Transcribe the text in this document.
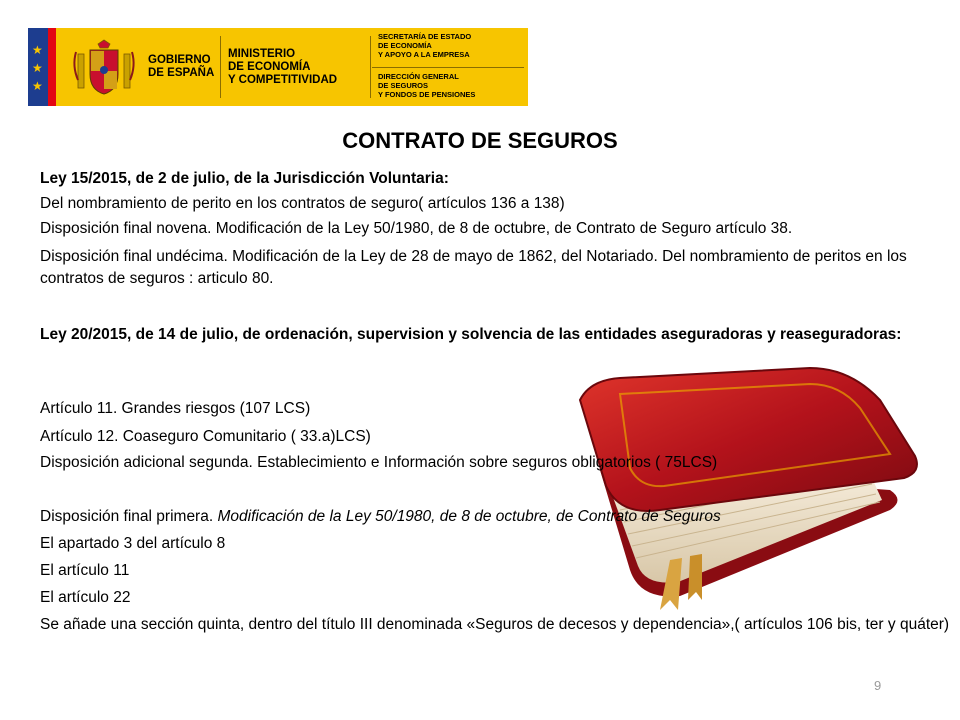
★
★
★
GOBIERNO
DE ESPAÑA
MINISTERIO
DE ECONOMÍA
Y COMPETITIVIDAD
SECRETARÍA DE ESTADO
DE ECONOMÍA
Y APOYO A LA EMPRESA
DIRECCIÓN GENERAL
DE SEGUROS
Y FONDOS DE PENSIONES
CONTRATO DE SEGUROS
Ley 15/2015, de 2 de julio, de la Jurisdicción Voluntaria:
Del nombramiento de perito en los contratos de seguro( artículos 136 a 138)
Disposición final novena. Modificación de la Ley 50/1980, de 8 de octubre, de Contrato de Seguro artículo 38.
Disposición final undécima. Modificación de la Ley de 28 de mayo de 1862, del Notariado. Del nombramiento de peritos en los contratos de seguros : articulo 80.
Ley 20/2015, de 14 de julio, de ordenación, supervision y solvencia de las entidades aseguradoras y reaseguradoras:
Artículo 11. Grandes riesgos (107 LCS)
Artículo 12. Coaseguro Comunitario ( 33.a)LCS)
Disposición adicional segunda. Establecimiento e Información sobre seguros obligatorios ( 75LCS)
Disposición final primera. Modificación de la Ley 50/1980, de 8 de octubre, de Contrato de Seguros
El apartado 3 del artículo 8
El artículo 11
El artículo 22
Se añade una sección quinta, dentro del título III denominada «Seguros de decesos y dependencia»,( artículos 106 bis, ter y quáter)
9
